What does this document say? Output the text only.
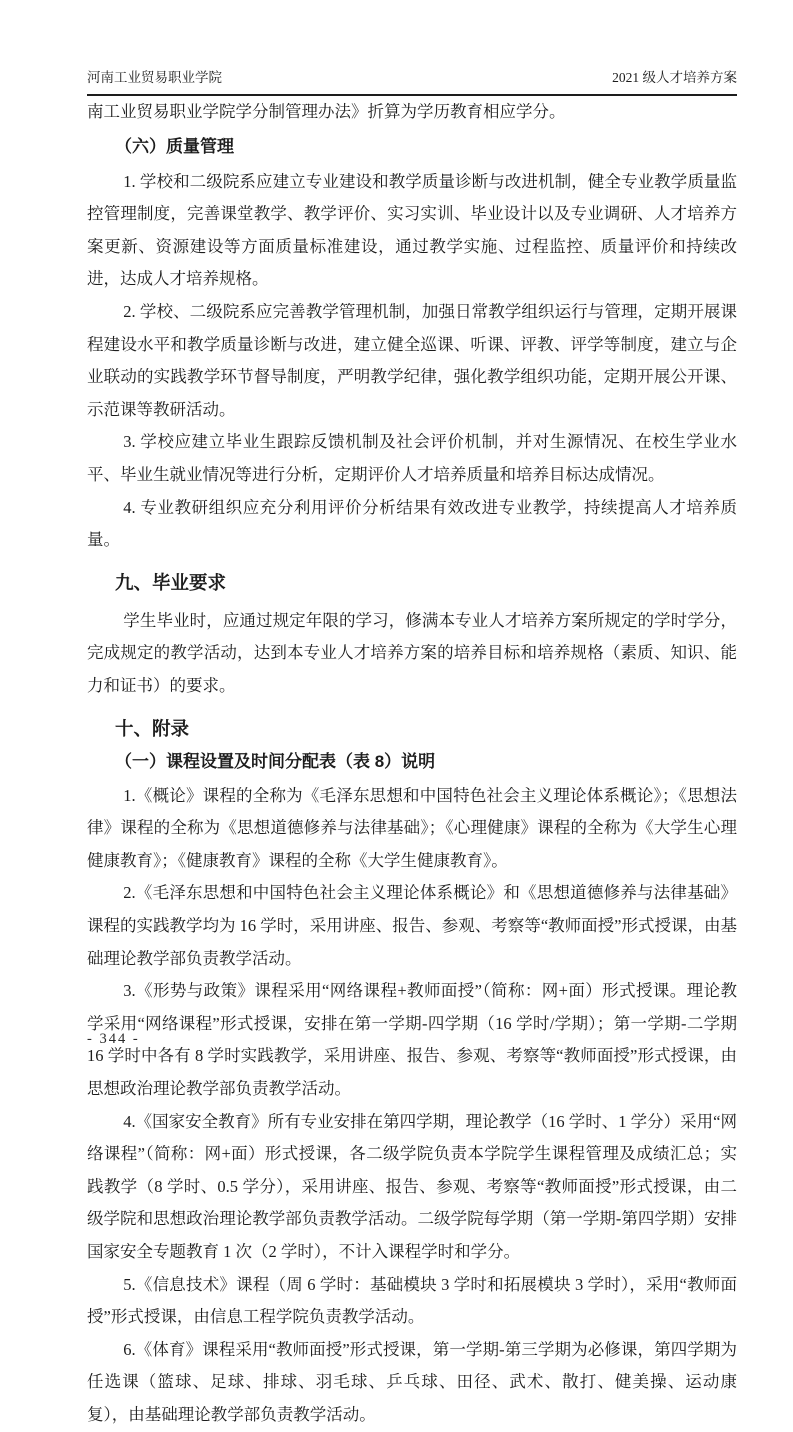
河南工业贸易职业学院	2021 级人才培养方案

南工业贸易职业学院学分制管理办法》折算为学历教育相应学分。

（六）质量管理

1. 学校和二级院系应建立专业建设和教学质量诊断与改进机制，健全专业教学质量监控管理制度，完善课堂教学、教学评价、实习实训、毕业设计以及专业调研、人才培养方案更新、资源建设等方面质量标准建设，通过教学实施、过程监控、质量评价和持续改进，达成人才培养规格。

2. 学校、二级院系应完善教学管理机制，加强日常教学组织运行与管理，定期开展课程建设水平和教学质量诊断与改进，建立健全巡课、听课、评教、评学等制度，建立与企业联动的实践教学环节督导制度，严明教学纪律，强化教学组织功能，定期开展公开课、示范课等教研活动。

3. 学校应建立毕业生跟踪反馈机制及社会评价机制，并对生源情况、在校生学业水平、毕业生就业情况等进行分析，定期评价人才培养质量和培养目标达成情况。

4. 专业教研组织应充分利用评价分析结果有效改进专业教学，持续提高人才培养质量。

九、毕业要求

学生毕业时，应通过规定年限的学习，修满本专业人才培养方案所规定的学时学分，完成规定的教学活动，达到本专业人才培养方案的培养目标和培养规格（素质、知识、能力和证书）的要求。

十、附录
（一）课程设置及时间分配表（表 8）说明

1.《概论》课程的全称为《毛泽东思想和中国特色社会主义理论体系概论》；《思想法律》课程的全称为《思想道德修养与法律基础》；《心理健康》课程的全称为《大学生心理健康教育》；《健康教育》课程的全称《大学生健康教育》。

2.《毛泽东思想和中国特色社会主义理论体系概论》和《思想道德修养与法律基础》课程的实践教学均为 16 学时，采用讲座、报告、参观、考察等“教师面授”形式授课，由基础理论教学部负责教学活动。

3.《形势与政策》课程采用“网络课程+教师面授”（简称：网+面）形式授课。理论教学采用“网络课程”形式授课，安排在第一学期-四学期（16 学时/学期）；第一学期-二学期 16 学时中各有 8 学时实践教学，采用讲座、报告、参观、考察等“教师面授”形式授课，由思想政治理论教学部负责教学活动。

4.《国家安全教育》所有专业安排在第四学期，理论教学（16 学时、1 学分）采用“网络课程”（简称：网+面）形式授课，各二级学院负责本学院学生课程管理及成绩汇总；实践教学（8 学时、0.5 学分），采用讲座、报告、参观、考察等“教师面授”形式授课，由二级学院和思想政治理论教学部负责教学活动。二级学院每学期（第一学期-第四学期）安排国家安全专题教育 1 次（2 学时），不计入课程学时和学分。

5.《信息技术》课程（周 6 学时：基础模块 3 学时和拓展模块 3 学时），采用“教师面授”形式授课，由信息工程学院负责教学活动。

6.《体育》课程采用“教师面授”形式授课，第一学期-第三学期为必修课，第四学期为任选课（篮球、足球、排球、羽毛球、乒乓球、田径、武术、散打、健美操、运动康复），由基础理论教学部负责教学活动。

- 344 -
